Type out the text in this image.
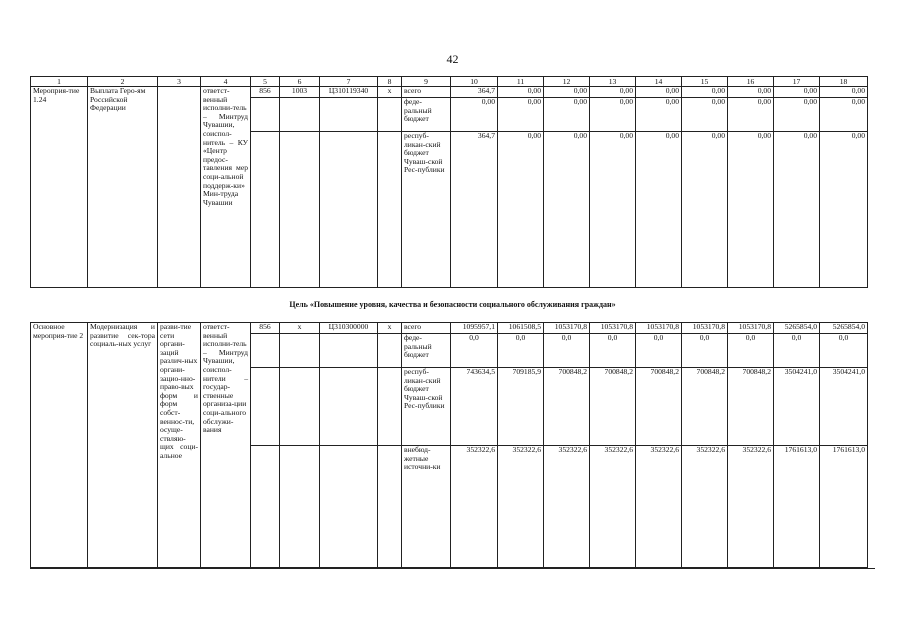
42
1	2	3	4	5	6	7	8	9	10	11	12	13	14	15	16	17	18
Мероприя-тие 1.24	Выплата Геро-ям Российской Федерации		ответст-венный исполни-тель – Минтруд Чувашии, соиспол-нитель – КУ «Центр предос-тавления мер соци-альной поддерж-ки» Мин-труда Чувашии	856	1003	Ц310119340	x	всего	364,7	0,00	0,00	0,00	0,00	0,00	0,00	0,00	0,00
								феде-ральный бюджет	0,00	0,00	0,00	0,00	0,00	0,00	0,00	0,00	0,00
								респуб-ликан-ский бюджет Чуваш-ской Рес-публики	364,7	0,00	0,00	0,00	0,00	0,00	0,00	0,00	0,00
Цель «Повышение уровня, качества и безопасности социального обслуживания граждан»
Основное мероприя-тие 2	Модернизация и развитие сек-тора социаль-ных услуг	разви-тие сети органи-заций различ-ных органи-зацио-нно-право-вых форм и форм собст-веннос-ти, осуще-ствляю-щих соци-альное	ответст-венный исполни-тель – Минтруд Чувашии, соиспол-нители – государ-ственные организа-ции соци-ального обслужи-вания	856	x	Ц310300000	x	всего	1095957,1	1061508,5	1053170,8	1053170,8	1053170,8	1053170,8	1053170,8	5265854,0	5265854,0
								феде-ральный бюджет	0,0	0,0	0,0	0,0	0,0	0,0	0,0	0,0	0,0
								респуб-ликан-ский бюджет Чуваш-ской Рес-публики	743634,5	709185,9	700848,2	700848,2	700848,2	700848,2	700848,2	3504241,0	3504241,0
								внебюд-жетные источни-ки	352322,6	352322,6	352322,6	352322,6	352322,6	352322,6	352322,6	1761613,0	1761613,0
